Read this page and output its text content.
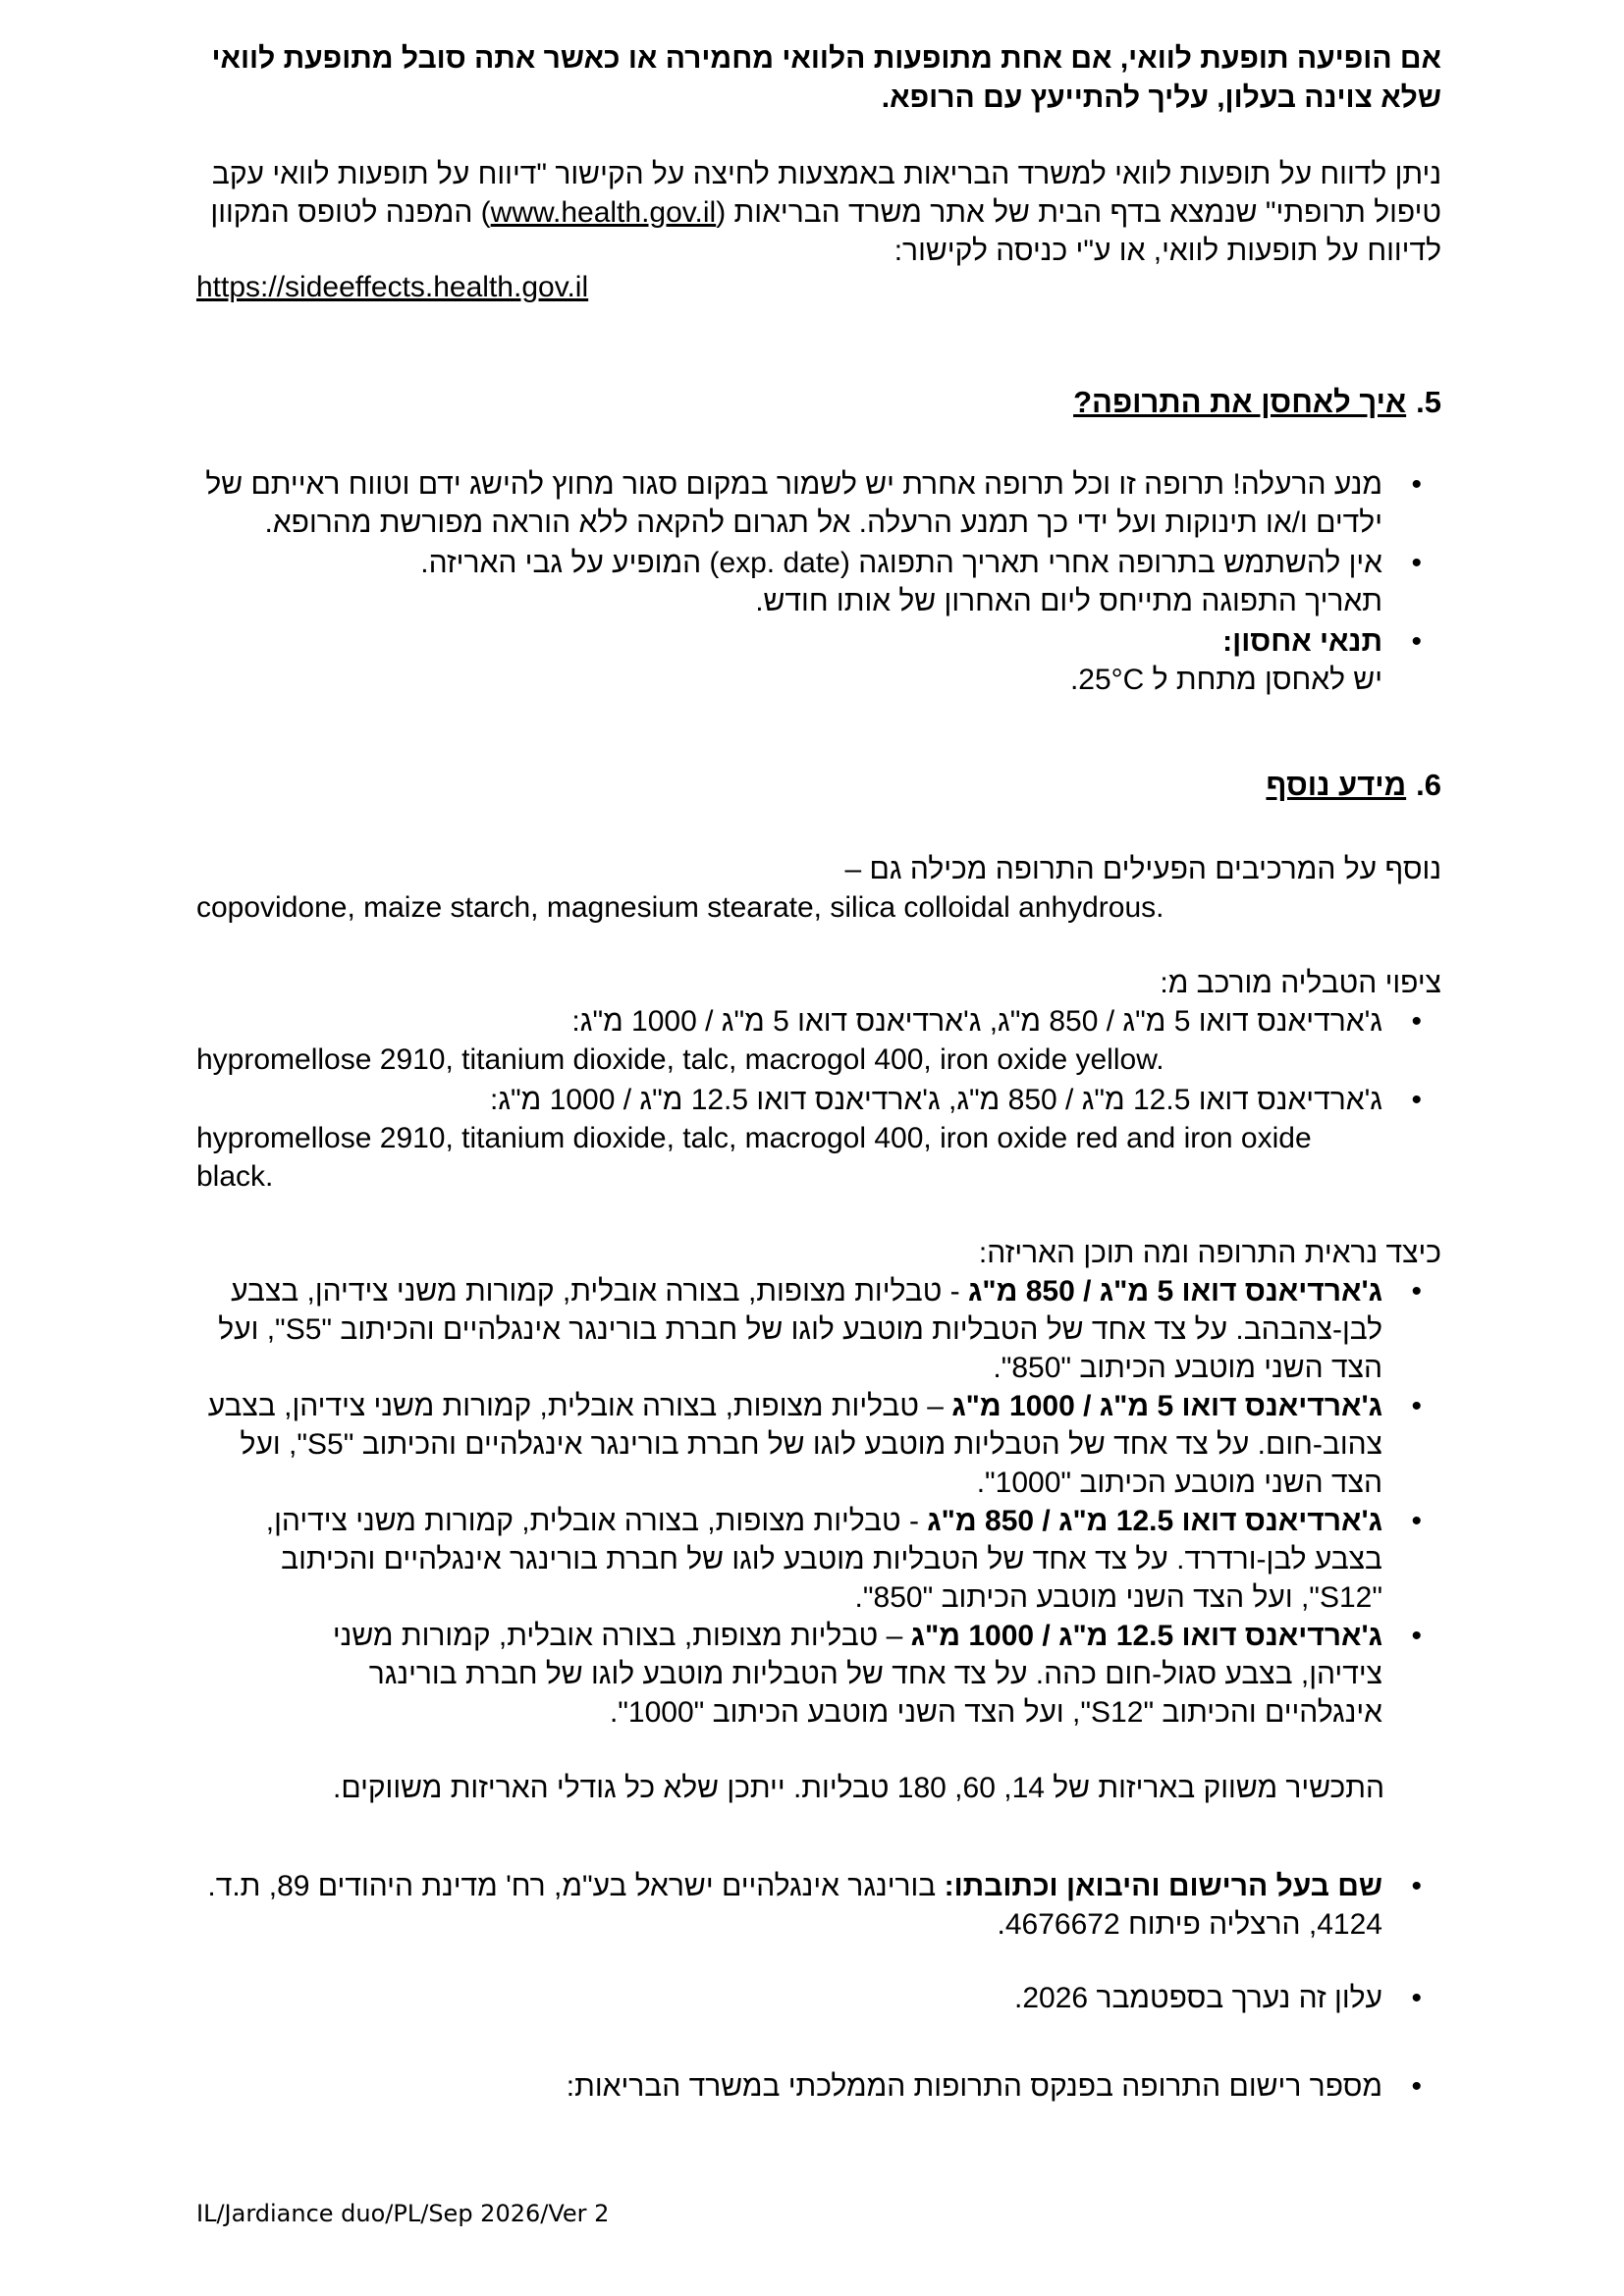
אם הופיעה תופעת לוואי, אם אחת מתופעות הלוואי מחמירה או כאשר אתה סובל מתופעת לוואי שלא צוינה בעלון, עליך להתייעץ עם הרופא.

ניתן לדווח על תופעות לוואי למשרד הבריאות באמצעות לחיצה על הקישור "דיווח על תופעות לוואי עקב טיפול תרופתי" שנמצא בדף הבית של אתר משרד הבריאות (www.health.gov.il) המפנה לטופס המקוון לדיווח על תופעות לוואי, או ע"י כניסה לקישור:

https://sideeffects.health.gov.il

5.איך לאחסן את התרופה?
• מנע הרעלה! תרופה זו וכל תרופה אחרת יש לשמור במקום סגור מחוץ להישג ידם וטווח ראייתם של ילדים ו/או תינוקות ועל ידי כך תמנע הרעלה. אל תגרום להקאה ללא הוראה מפורשת מהרופא.
• אין להשתמש בתרופה אחרי תאריך התפוגה (exp. date) המופיע על גבי האריזה.
תאריך התפוגה מתייחס ליום האחרון של אותו חודש.
• תנאי אחסון:
יש לאחסן מתחת ל 25°C.
6.מידע נוסף

נוסף על המרכיבים הפעילים התרופה מכילה גם –

copovidone, maize starch, magnesium stearate, silica colloidal anhydrous.

ציפוי הטבליה מורכב מ:

• ג'ארדיאנס דואו 5 מ"ג / 850 מ"ג, ג'ארדיאנס דואו 5 מ"ג / 1000 מ"ג:

hypromellose 2910, titanium dioxide, talc, macrogol 400, iron oxide yellow.

• ג'ארדיאנס דואו 12.5 מ"ג / 850 מ"ג, ג'ארדיאנס דואו 12.5 מ"ג / 1000 מ"ג:

hypromellose 2910, titanium dioxide, talc, macrogol 400, iron oxide red and iron oxide black.

כיצד נראית התרופה ומה תוכן האריזה:

• ג'ארדיאנס דואו 5 מ"ג / 850 מ"ג - טבליות מצופות, בצורה אובלית, קמורות משני צידיהן, בצבע לבן-צהבהב. על צד אחד של הטבליות מוטבע לוגו של חברת בורינגר אינגלהיים והכיתוב "S5", ועל הצד השני מוטבע הכיתוב "850".
• ג'ארדיאנס דואו 5 מ"ג / 1000 מ"ג – טבליות מצופות, בצורה אובלית, קמורות משני צידיהן, בצבע צהוב-חום. על צד אחד של הטבליות מוטבע לוגו של חברת בורינגר אינגלהיים והכיתוב "S5", ועל הצד השני מוטבע הכיתוב "1000".
• ג'ארדיאנס דואו 12.5 מ"ג / 850 מ"ג - טבליות מצופות, בצורה אובלית, קמורות משני צידיהן, בצבע לבן-ורדרד. על צד אחד של הטבליות מוטבע לוגו של חברת בורינגר אינגלהיים והכיתוב "S12", ועל הצד השני מוטבע הכיתוב "850".
• ג'ארדיאנס דואו 12.5 מ"ג / 1000 מ"ג – טבליות מצופות, בצורה אובלית, קמורות משני צידיהן, בצבע סגול-חום כהה. על צד אחד של הטבליות מוטבע לוגו של חברת בורינגר אינגלהיים והכיתוב "S12", ועל הצד השני מוטבע הכיתוב "1000".

התכשיר משווק באריזות של 14, 60, 180 טבליות. ייתכן שלא כל גודלי האריזות משווקים.

• שם בעל הרישום והיבואן וכתובתו: בורינגר אינגלהיים ישראל בע"מ, רח' מדינת היהודים 89, ת.ד. 4124, הרצליה פיתוח 4676672.
• עלון זה נערך בספטמבר 2026.
• מספר רישום התרופה בפנקס התרופות הממלכתי במשרד הבריאות:

IL/Jardiance duo/PL/Sep 2026/Ver 2
